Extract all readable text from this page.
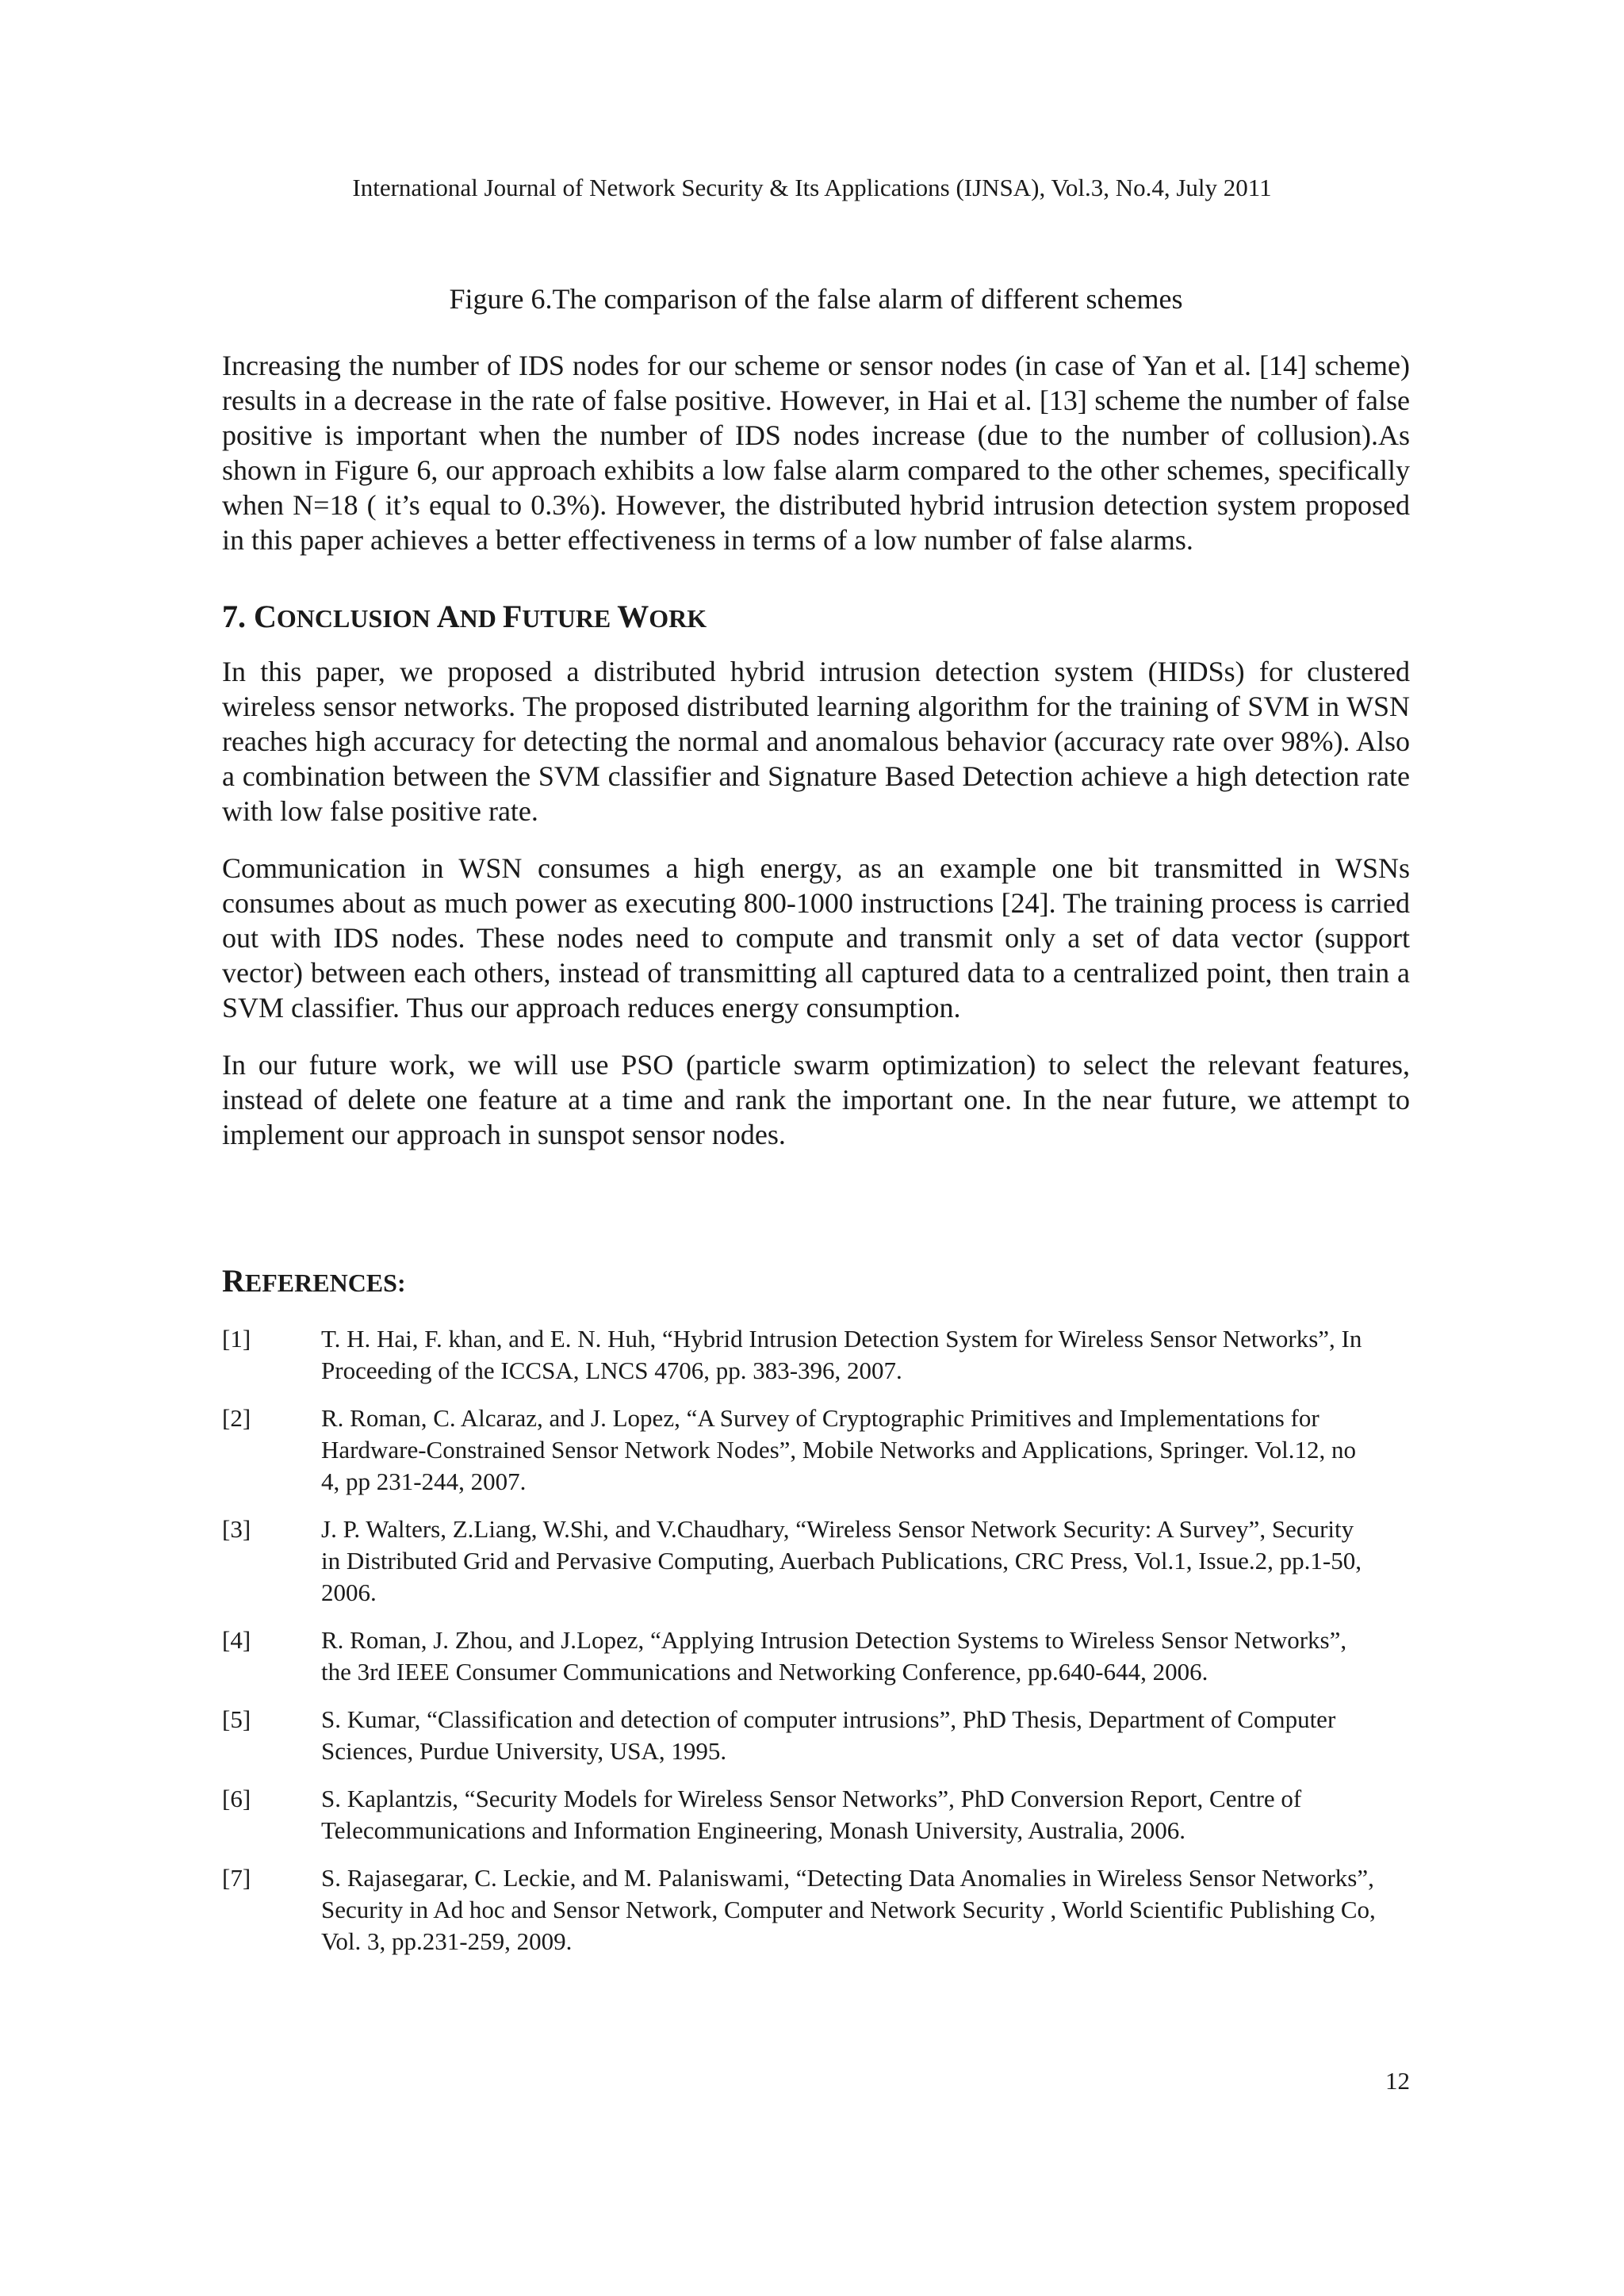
International Journal of Network Security & Its Applications (IJNSA), Vol.3, No.4, July 2011

Figure 6.The comparison of the false alarm of different schemes

Increasing the number of IDS nodes for our scheme or sensor nodes (in case of Yan et al. [14] scheme) results in a decrease in the rate of false positive. However, in Hai et al. [13] scheme the number of false positive is important when the number of IDS nodes increase (due to the number of collusion).As shown in Figure 6, our approach exhibits a low false alarm compared to the other schemes, specifically when N=18 ( it’s equal to 0.3%). However, the distributed hybrid intrusion detection system proposed in this paper achieves a better effectiveness in terms of a low number of false alarms.

7. CONCLUSION AND FUTURE WORK

In this paper, we proposed a distributed hybrid intrusion detection system (HIDSs) for clustered wireless sensor networks. The proposed distributed learning algorithm for the training of SVM in WSN reaches high accuracy for detecting the normal and anomalous behavior (accuracy rate over 98%). Also a combination between the SVM classifier and Signature Based Detection achieve a high detection rate with low false positive rate.

Communication in WSN consumes a high energy, as an example one bit transmitted in WSNs consumes about as much power as executing 800-1000 instructions [24]. The training process is carried out with IDS nodes. These nodes need to compute and transmit only a set of data vector (support vector) between each others, instead of transmitting all captured data to a centralized point, then train a SVM classifier. Thus our approach reduces energy consumption.

In our future work, we will use PSO (particle swarm optimization) to select the relevant features, instead of delete one feature at a time and rank the important one. In the near future, we attempt to implement our approach in sunspot sensor nodes.

REFERENCES:
[1]	T. H. Hai, F. khan, and E. N. Huh, “Hybrid Intrusion Detection System for Wireless Sensor Networks”, In Proceeding of the ICCSA, LNCS 4706, pp. 383-396, 2007.
[2]	R. Roman, C. Alcaraz, and J. Lopez, “A Survey of Cryptographic Primitives and Implementations for Hardware-Constrained Sensor Network Nodes”, Mobile Networks and Applications, Springer. Vol.12, no 4, pp 231-244, 2007.
[3]	J. P. Walters, Z.Liang, W.Shi, and V.Chaudhary, “Wireless Sensor Network Security: A Survey”, Security in Distributed Grid and Pervasive Computing, Auerbach Publications, CRC Press, Vol.1, Issue.2, pp.1-50, 2006.
[4]	R. Roman, J. Zhou, and J.Lopez, “Applying Intrusion Detection Systems to Wireless Sensor Networks”, the 3rd IEEE Consumer Communications and Networking Conference, pp.640-644, 2006.
[5]	S. Kumar, “Classification and detection of computer intrusions”, PhD Thesis, Department of Computer Sciences, Purdue University, USA, 1995.
[6]	S. Kaplantzis, “Security Models for Wireless Sensor Networks”, PhD Conversion Report, Centre of Telecommunications and Information Engineering, Monash University, Australia, 2006.
[7]	S. Rajasegarar, C. Leckie, and M. Palaniswami, “Detecting Data Anomalies in Wireless Sensor Networks”, Security in Ad hoc and Sensor Network, Computer and Network Security , World Scientific Publishing Co, Vol. 3, pp.231-259, 2009.
12
